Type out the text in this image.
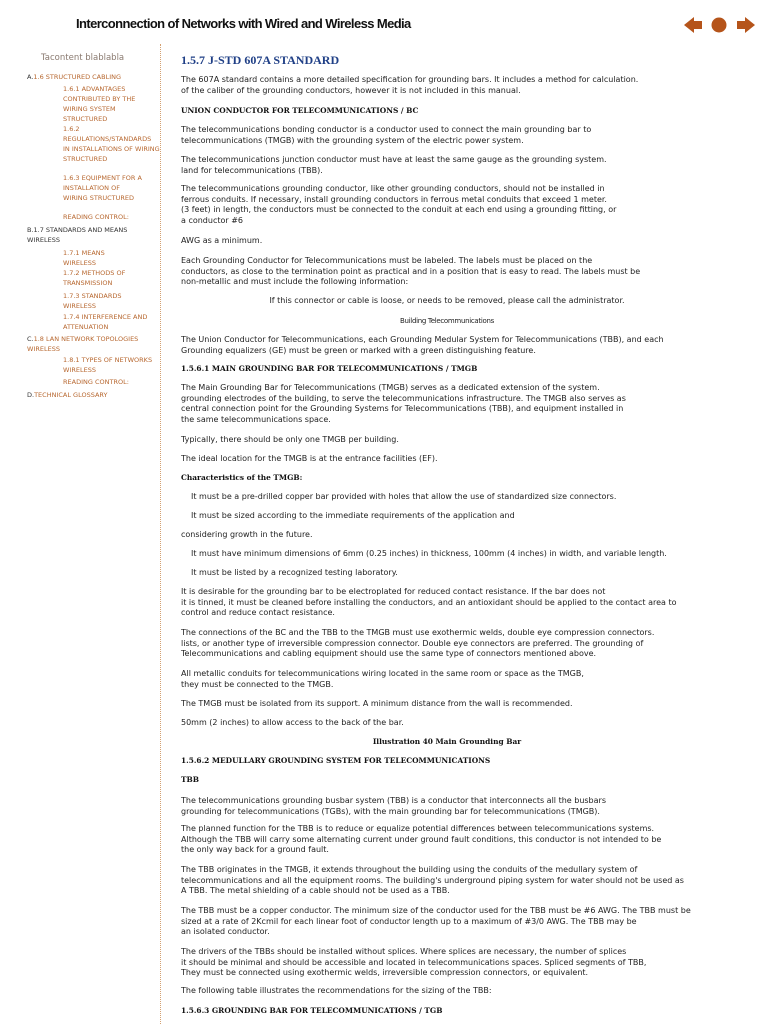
Interconnection of Networks with Wired and Wireless Media
Tacontent blablabla
A.1.6 STRUCTURED CABLING
1.6.1 ADVANTAGES CONTRIBUTED BY THE WIRING SYSTEM STRUCTURED
1.6.2 REGULATIONS/STANDARDS IN INSTALLATIONS OF WIRING STRUCTURED
1.6.3 EQUIPMENT FOR A INSTALLATION OF WIRING STRUCTURED
READING CONTROL:
B.1.7 STANDARDS AND MEANS WIRELESS
1.7.1 MEANS WIRELESS
1.7.2 METHODS OF TRANSMISSION
1.7.3 STANDARDS WIRELESS
1.7.4 INTERFERENCE AND ATTENUATION
C.1.8 LAN NETWORK TOPOLOGIES WIRELESS
1.8.1 TYPES OF NETWORKS WIRELESS
READING CONTROL:
D.TECHNICAL GLOSSARY
1.5.7 J-STD 607A STANDARD

The 607A standard contains a more detailed specification for grounding bars. It includes a method for calculation.
of the caliber of the grounding conductors, however it is not included in this manual.

UNION CONDUCTOR FOR TELECOMMUNICATIONS / BC

The telecommunications bonding conductor is a conductor used to connect the main grounding bar to
telecommunications (TMGB) with the grounding system of the electric power system.

The telecommunications junction conductor must have at least the same gauge as the grounding system.
land for telecommunications (TBB).

The telecommunications grounding conductor, like other grounding conductors, should not be installed in
ferrous conduits. If necessary, install grounding conductors in ferrous metal conduits that exceed 1 meter.
(3 feet) in length, the conductors must be connected to the conduit at each end using a grounding fitting, or
a conductor #6

AWG as a minimum.

Each Grounding Conductor for Telecommunications must be labeled. The labels must be placed on the
conductors, as close to the termination point as practical and in a position that is easy to read. The labels must be
non-metallic and must include the following information:

If this connector or cable is loose, or needs to be removed, please call the administrator.

Building Telecommunications

The Union Conductor for Telecommunications, each Grounding Medular System for Telecommunications (TBB), and each
Grounding equalizers (GE) must be green or marked with a green distinguishing feature.

1.5.6.1 MAIN GROUNDING BAR FOR TELECOMMUNICATIONS / TMGB

The Main Grounding Bar for Telecommunications (TMGB) serves as a dedicated extension of the system.
grounding electrodes of the building, to serve the telecommunications infrastructure. The TMGB also serves as
central connection point for the Grounding Systems for Telecommunications (TBB), and equipment installed in
the same telecommunications space.

Typically, there should be only one TMGB per building.

The ideal location for the TMGB is at the entrance facilities (EF).

Characteristics of the TMGB:

It must be a pre-drilled copper bar provided with holes that allow the use of standardized size connectors.

It must be sized according to the immediate requirements of the application and

considering growth in the future.

It must have minimum dimensions of 6mm (0.25 inches) in thickness, 100mm (4 inches) in width, and variable length.

It must be listed by a recognized testing laboratory.

It is desirable for the grounding bar to be electroplated for reduced contact resistance. If the bar does not
it is tinned, it must be cleaned before installing the conductors, and an antioxidant should be applied to the contact area to
control and reduce contact resistance.

The connections of the BC and the TBB to the TMGB must use exothermic welds, double eye compression connectors.
lists, or another type of irreversible compression connector. Double eye connectors are preferred. The grounding of
Telecommunications and cabling equipment should use the same type of connectors mentioned above.

All metallic conduits for telecommunications wiring located in the same room or space as the TMGB,
they must be connected to the TMGB.

The TMGB must be isolated from its support. A minimum distance from the wall is recommended.

50mm (2 inches) to allow access to the back of the bar.

Illustration 40 Main Grounding Bar
1.5.6.2 MEDULLARY GROUNDING SYSTEM FOR TELECOMMUNICATIONS
TBB

The telecommunications grounding busbar system (TBB) is a conductor that interconnects all the busbars
grounding for telecommunications (TGBs), with the main grounding bar for telecommunications (TMGB).

The planned function for the TBB is to reduce or equalize potential differences between telecommunications systems.
Although the TBB will carry some alternating current under ground fault conditions, this conductor is not intended to be
the only way back for a ground fault.

The TBB originates in the TMGB, it extends throughout the building using the conduits of the medullary system of
telecommunications and all the equipment rooms. The building's underground piping system for water should not be used as
A TBB. The metal shielding of a cable should not be used as a TBB.

The TBB must be a copper conductor. The minimum size of the conductor used for the TBB must be #6 AWG. The TBB must be
sized at a rate of 2Kcmil for each linear foot of conductor length up to a maximum of #3/0 AWG. The TBB may be
an isolated conductor.

The drivers of the TBBs should be installed without splices. Where splices are necessary, the number of splices
it should be minimal and should be accessible and located in telecommunications spaces. Spliced segments of TBB,
They must be connected using exothermic welds, irreversible compression connectors, or equivalent.

The following table illustrates the recommendations for the sizing of the TBB:

1.5.6.3 GROUNDING BAR FOR TELECOMMUNICATIONS / TGB
